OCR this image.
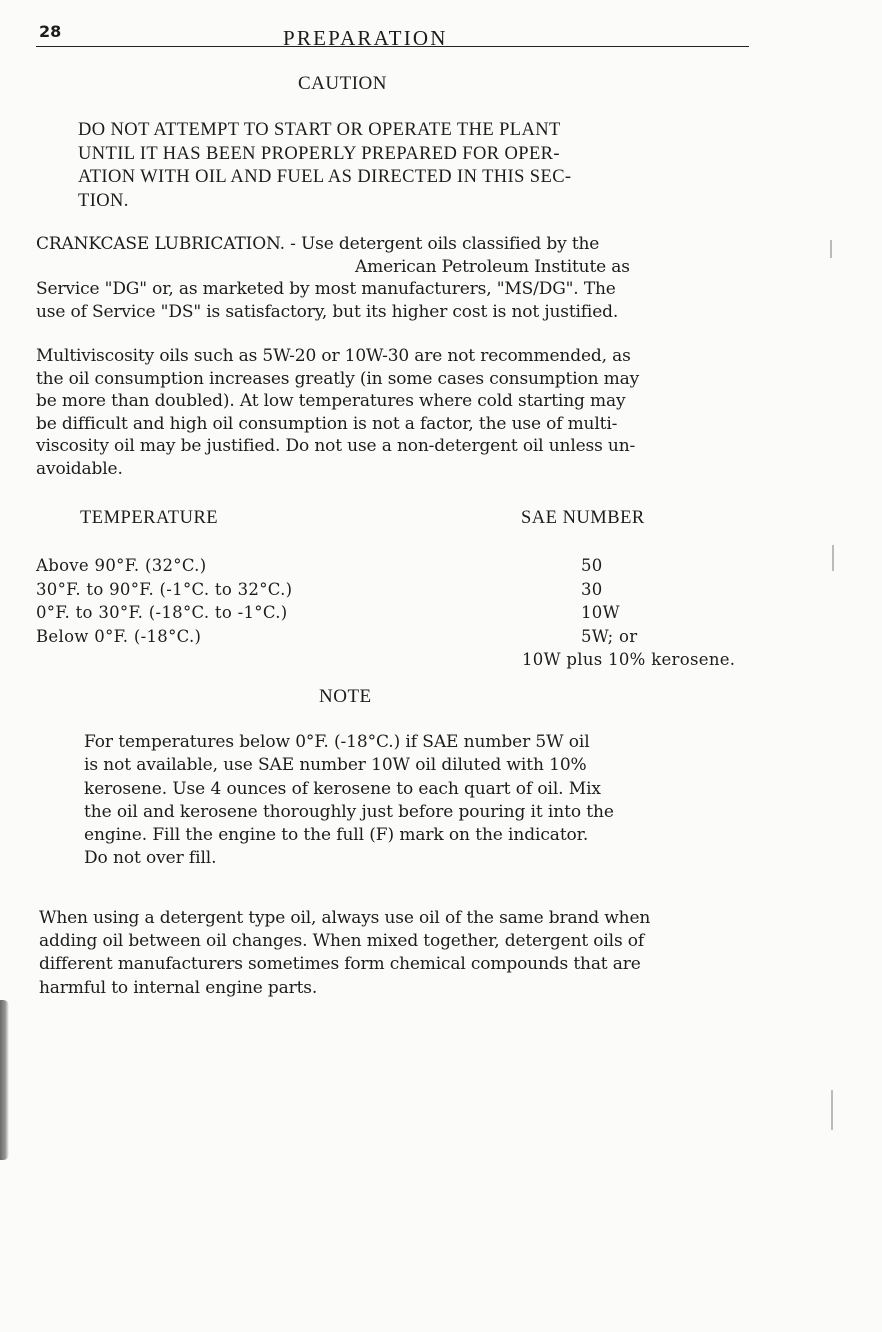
28	PREPARATION
CAUTION
DO NOT ATTEMPT TO START OR OPERATE THE PLANT
UNTIL IT HAS BEEN PROPERLY PREPARED FOR OPER-
ATION WITH OIL AND FUEL AS DIRECTED IN THIS SEC-
TION.
CRANKCASE LUBRICATION. - Use detergent oils classified by the
American Petroleum Institute as
Service "DG" or, as marketed by most manufacturers, "MS/DG". The
use of Service "DS" is satisfactory, but its higher cost is not justified.
Multiviscosity oils such as 5W-20 or 10W-30 are not recommended, as
the oil consumption increases greatly (in some cases consumption may
be more than doubled). At low temperatures where cold starting may
be difficult and high oil consumption is not a factor, the use of multi-
viscosity oil may be justified. Do not use a non-detergent oil unless un-
avoidable.
TEMPERATURE	SAE NUMBER
Above 90°F. (32°C.)
30°F. to 90°F. (-1°C. to 32°C.)
0°F. to 30°F. (-18°C. to -1°C.)
Below 0°F. (-18°C.)
50
30
10W
5W; or
10W plus 10% kerosene.
NOTE
For temperatures below 0°F. (-18°C.) if SAE number 5W oil
is not available, use SAE number 10W oil diluted with 10%
kerosene. Use 4 ounces of kerosene to each quart of oil. Mix
the oil and kerosene thoroughly just before pouring it into the
engine. Fill the engine to the full (F) mark on the indicator.
Do not over fill.
When using a detergent type oil, always use oil of the same brand when
adding oil between oil changes. When mixed together, detergent oils of
different manufacturers sometimes form chemical compounds that are
harmful to internal engine parts.
